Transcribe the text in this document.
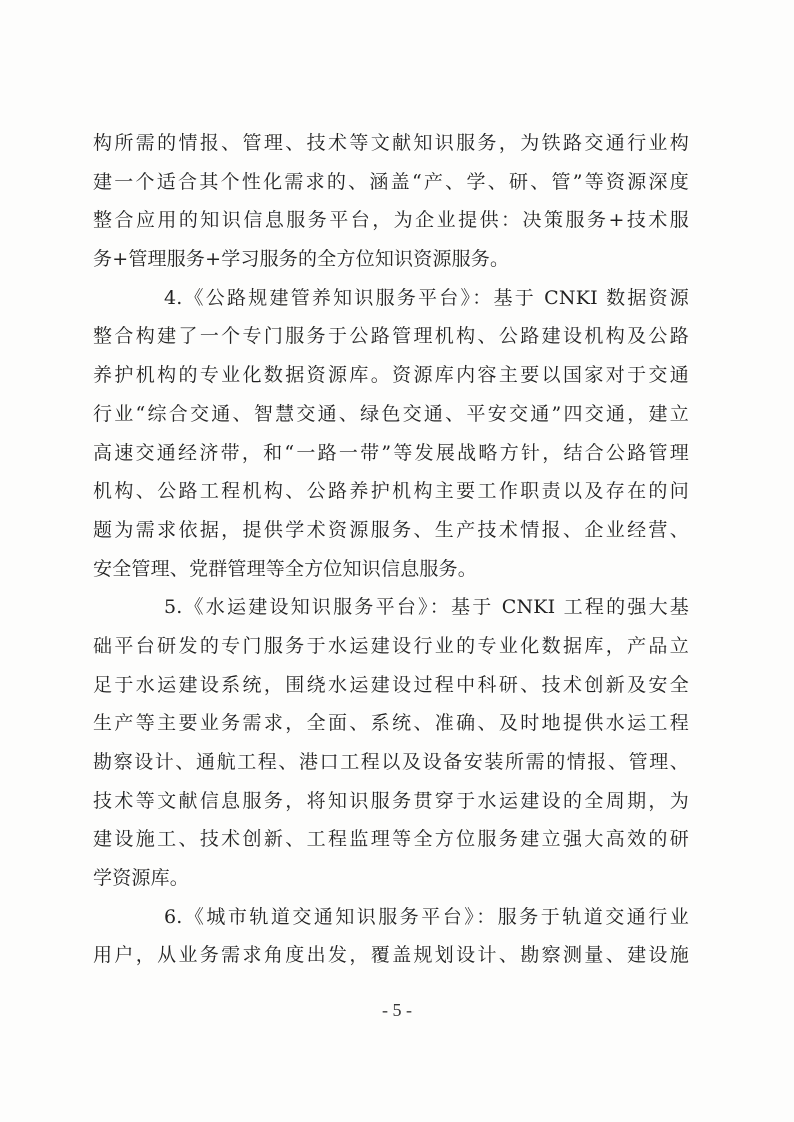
构所需的情报、管理、技术等文献知识服务，为铁路交通行业构
建一个适合其个性化需求的、涵盖“产、学、研、管”等资源深度
整合应用的知识信息服务平台，为企业提供：决策服务+技术服
务+管理服务+学习服务的全方位知识资源服务。
4.《公路规建管养知识服务平台》：基于 CNKI 数据资源
整合构建了一个专门服务于公路管理机构、公路建设机构及公路
养护机构的专业化数据资源库。资源库内容主要以国家对于交通
行业“综合交通、智慧交通、绿色交通、平安交通”四交通，建立
高速交通经济带，和“一路一带”等发展战略方针，结合公路管理
机构、公路工程机构、公路养护机构主要工作职责以及存在的问
题为需求依据，提供学术资源服务、生产技术情报、企业经营、
安全管理、党群管理等全方位知识信息服务。
5.《水运建设知识服务平台》：基于 CNKI 工程的强大基
础平台研发的专门服务于水运建设行业的专业化数据库，产品立
足于水运建设系统，围绕水运建设过程中科研、技术创新及安全
生产等主要业务需求，全面、系统、准确、及时地提供水运工程
勘察设计、通航工程、港口工程以及设备安装所需的情报、管理、
技术等文献信息服务，将知识服务贯穿于水运建设的全周期，为
建设施工、技术创新、工程监理等全方位服务建立强大高效的研
学资源库。
6.《城市轨道交通知识服务平台》：服务于轨道交通行业
用户，从业务需求角度出发，覆盖规划设计、勘察测量、建设施
- 5 -
